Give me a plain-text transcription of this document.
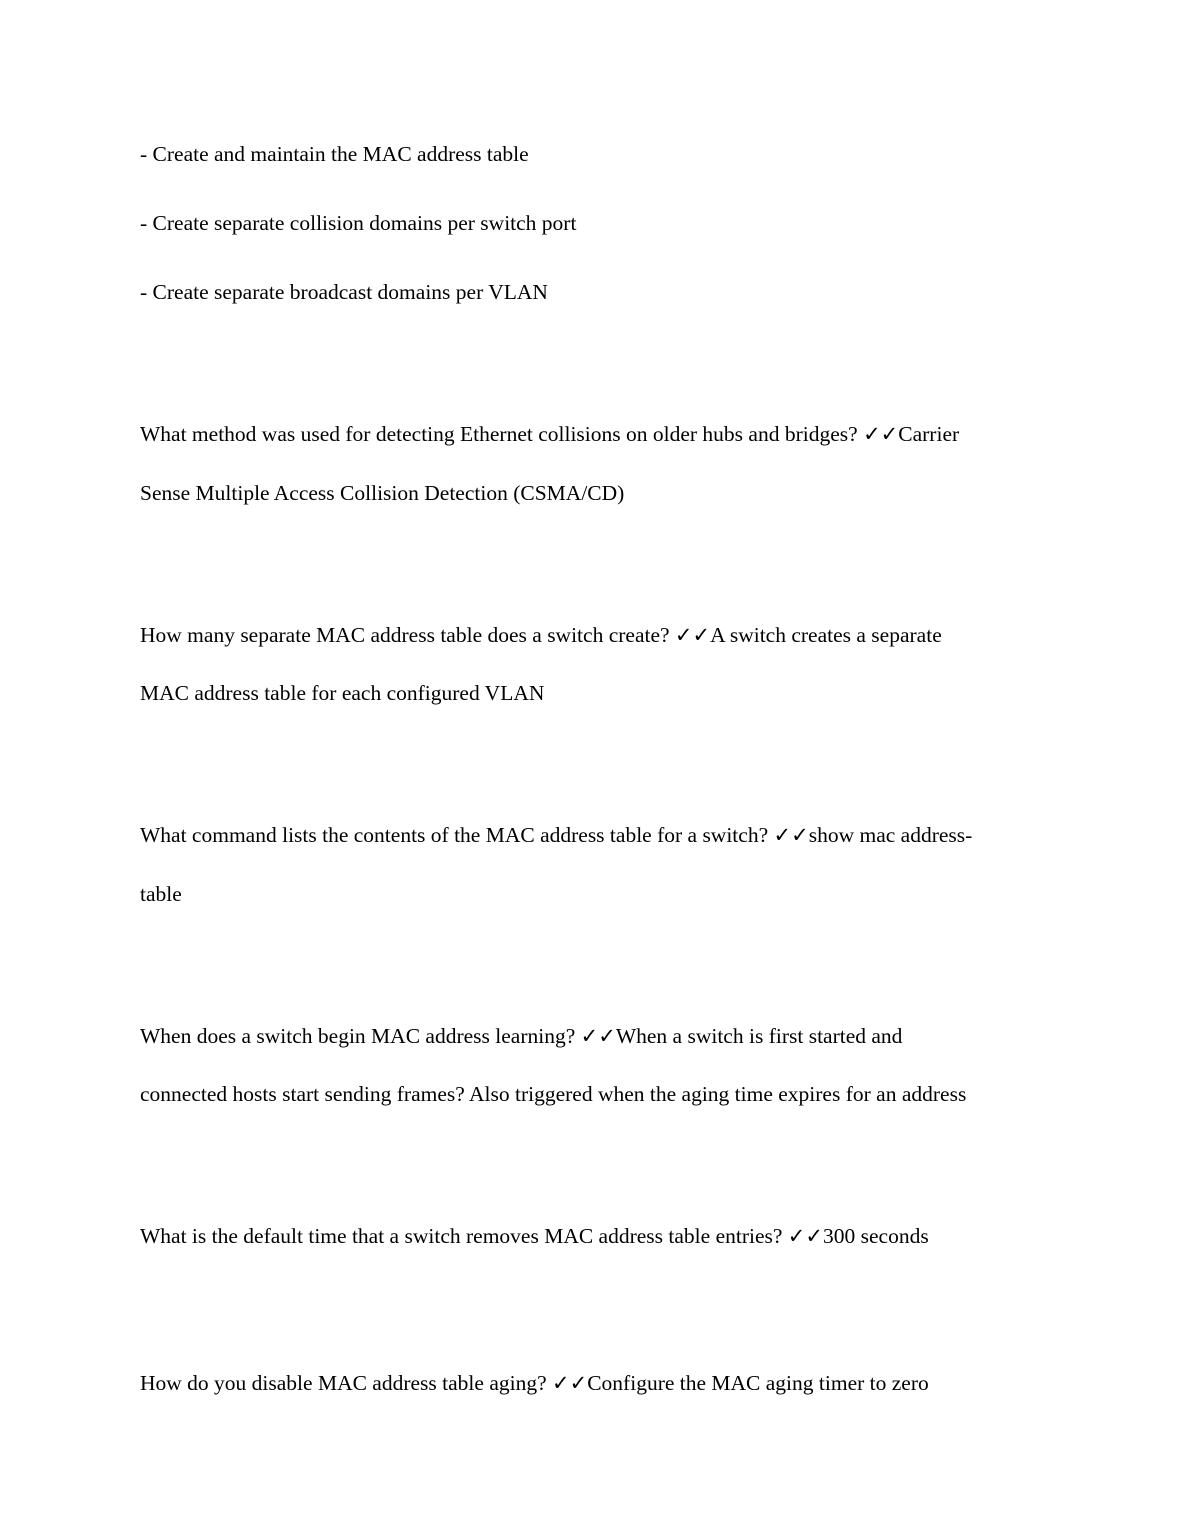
- Create and maintain the MAC address table
- Create separate collision domains per switch port
- Create separate broadcast domains per VLAN
What method was used for detecting Ethernet collisions on older hubs and bridges? ✓✓Carrier
Sense Multiple Access Collision Detection (CSMA/CD)
How many separate MAC address table does a switch create? ✓✓A switch creates a separate
MAC address table for each configured VLAN
What command lists the contents of the MAC address table for a switch? ✓✓show mac address-
table
When does a switch begin MAC address learning? ✓✓When a switch is first started and
connected hosts start sending frames? Also triggered when the aging time expires for an address
What is the default time that a switch removes MAC address table entries? ✓✓300 seconds
How do you disable MAC address table aging? ✓✓Configure the MAC aging timer to zero
